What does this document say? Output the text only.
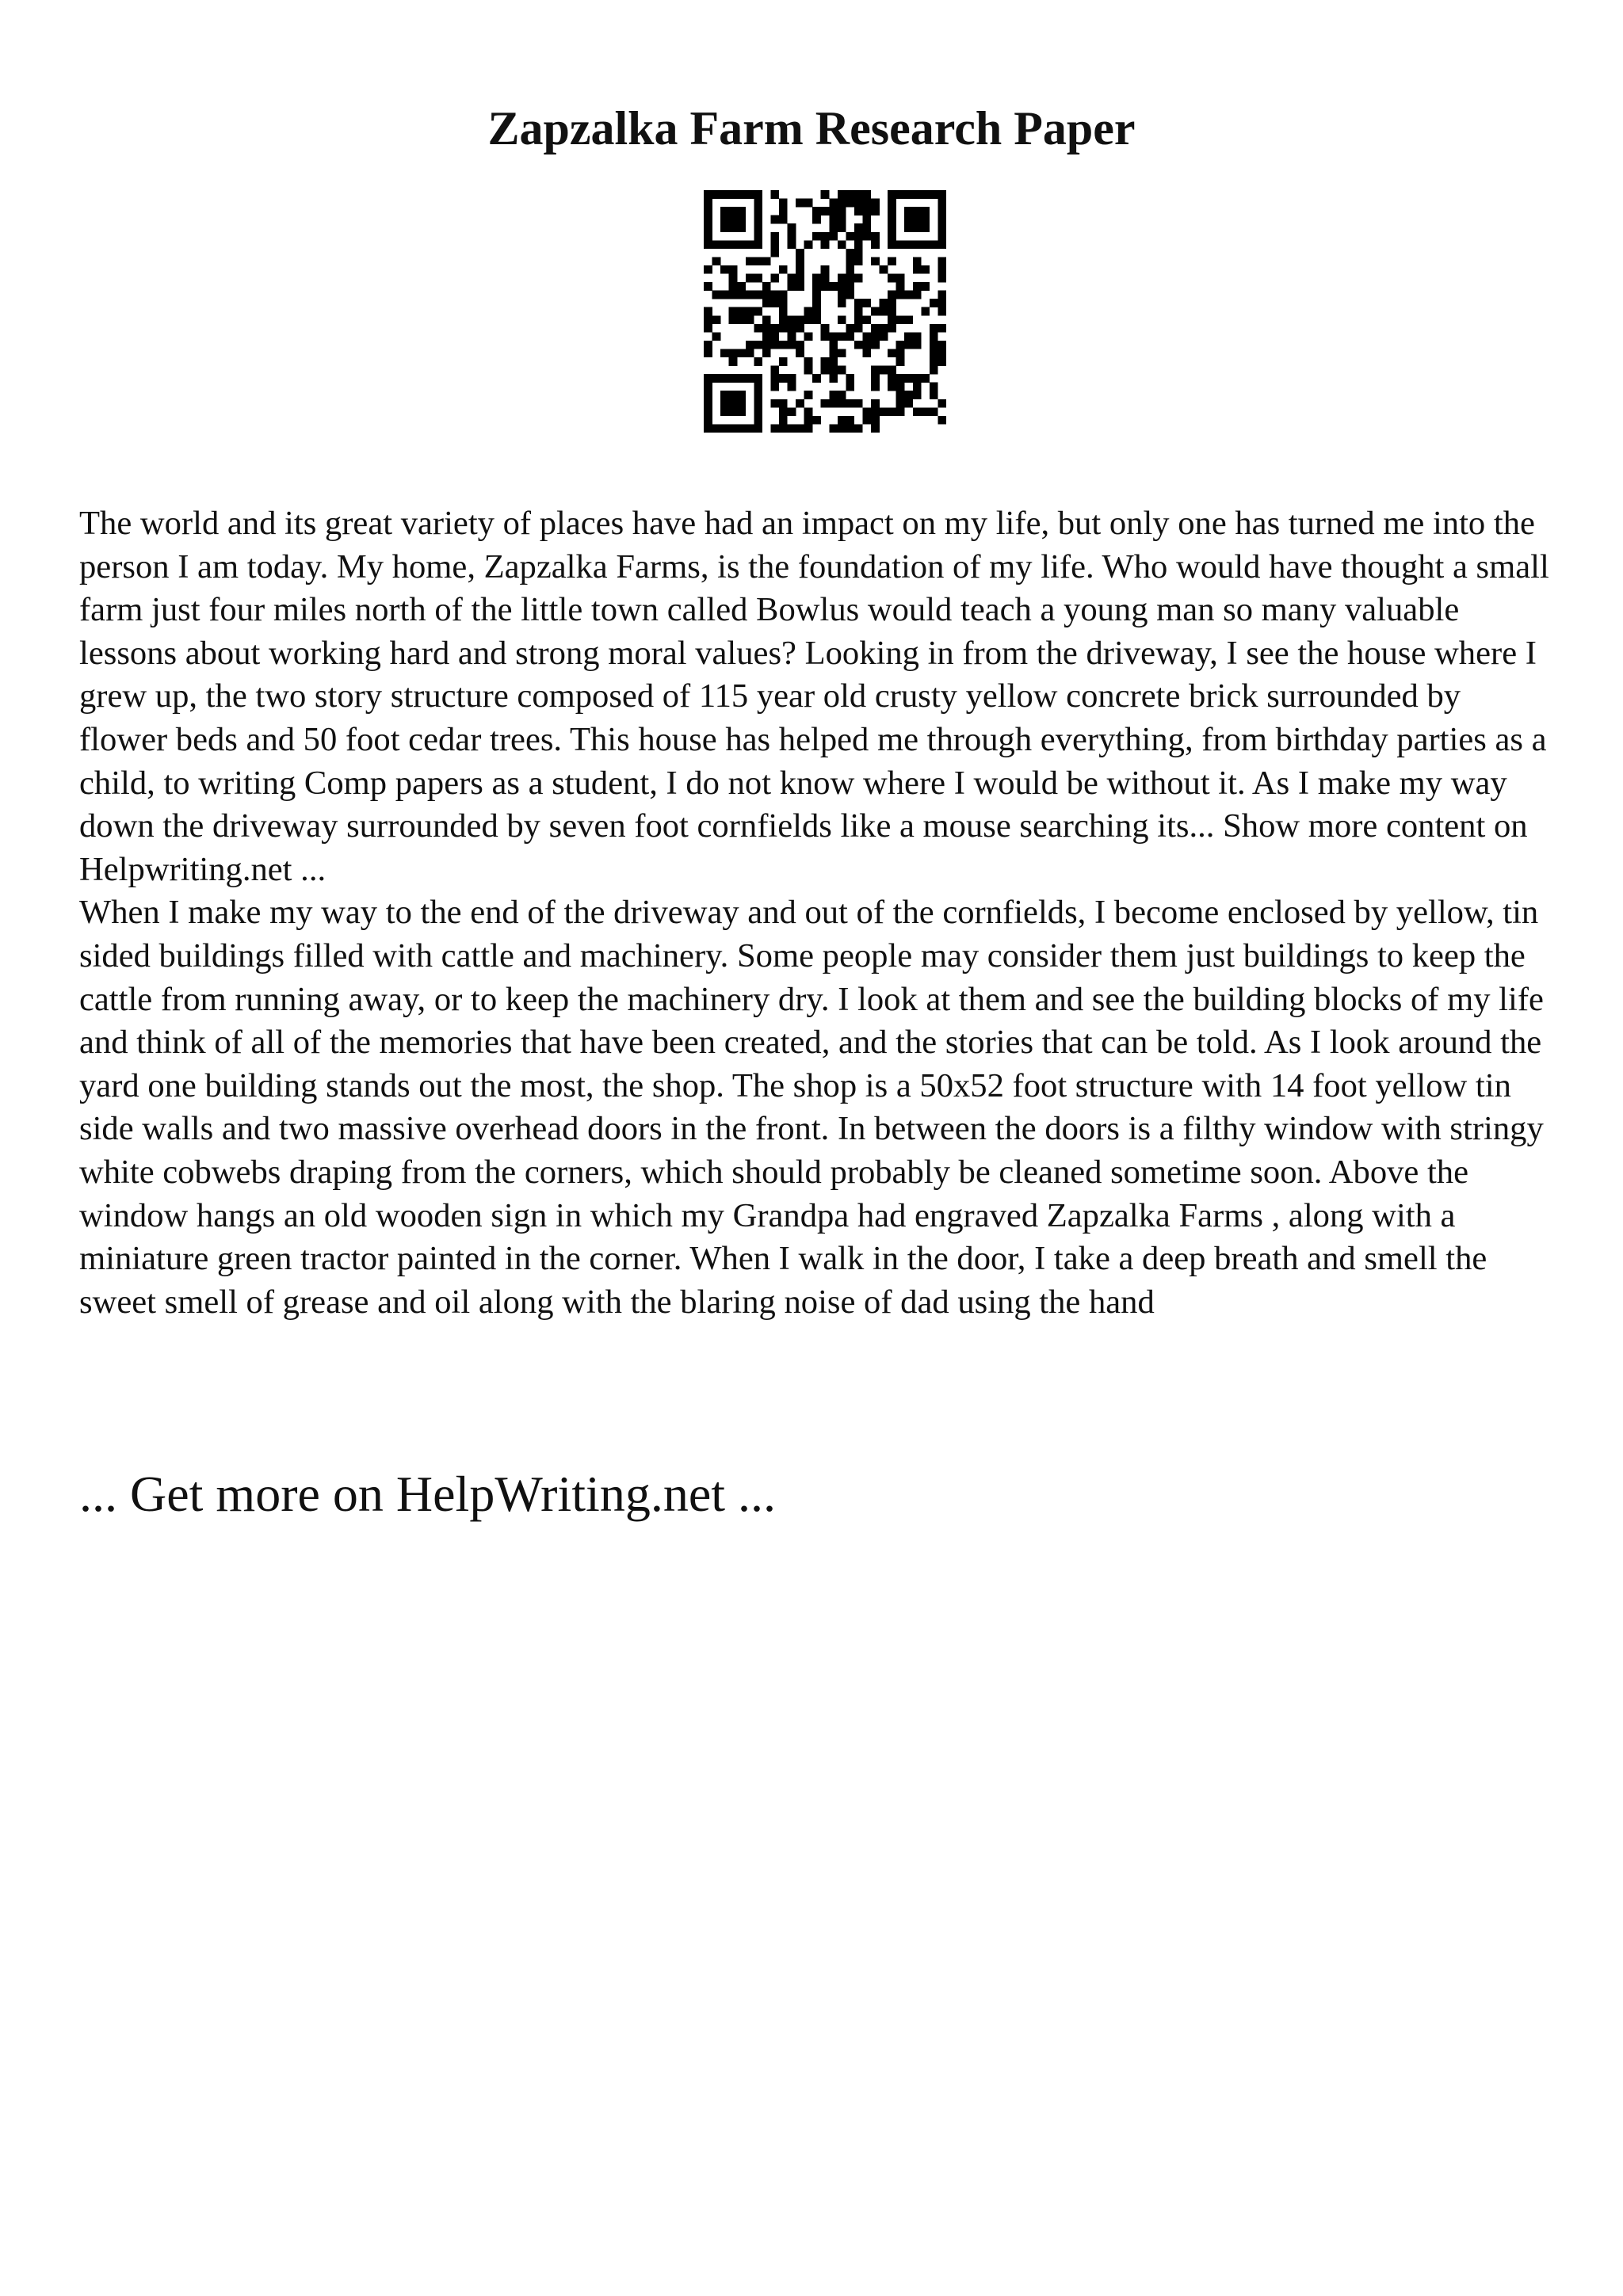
Zapzalka Farm Research Paper

The world and its great variety of places have had an impact on my life, but only one has turned me into the person I am today. My home, Zapzalka Farms, is the foundation of my life. Who would have thought a small farm just four miles north of the little town called Bowlus would teach a young man so many valuable lessons about working hard and strong moral values? Looking in from the driveway, I see the house where I grew up, the two story structure composed of 115 year old crusty yellow concrete brick surrounded by flower beds and 50 foot cedar trees. This house has helped me through everything, from birthday parties as a child, to writing Comp papers as a student, I do not know where I would be without it. As I make my way down the driveway surrounded by seven foot cornfields like a mouse searching its... Show more content on Helpwriting.net ...

When I make my way to the end of the driveway and out of the cornfields, I become enclosed by yellow, tin sided buildings filled with cattle and machinery. Some people may consider them just buildings to keep the cattle from running away, or to keep the machinery dry. I look at them and see the building blocks of my life and think of all of the memories that have been created, and the stories that can be told. As I look around the yard one building stands out the most, the shop. The shop is a 50x52 foot structure with 14 foot yellow tin side walls and two massive overhead doors in the front. In between the doors is a filthy window with stringy white cobwebs draping from the corners, which should probably be cleaned sometime soon. Above the window hangs an old wooden sign in which my Grandpa had engraved Zapzalka Farms , along with a miniature green tractor painted in the corner. When I walk in the door, I take a deep breath and smell the sweet smell of grease and oil along with the blaring noise of dad using the hand

... Get more on HelpWriting.net ...
